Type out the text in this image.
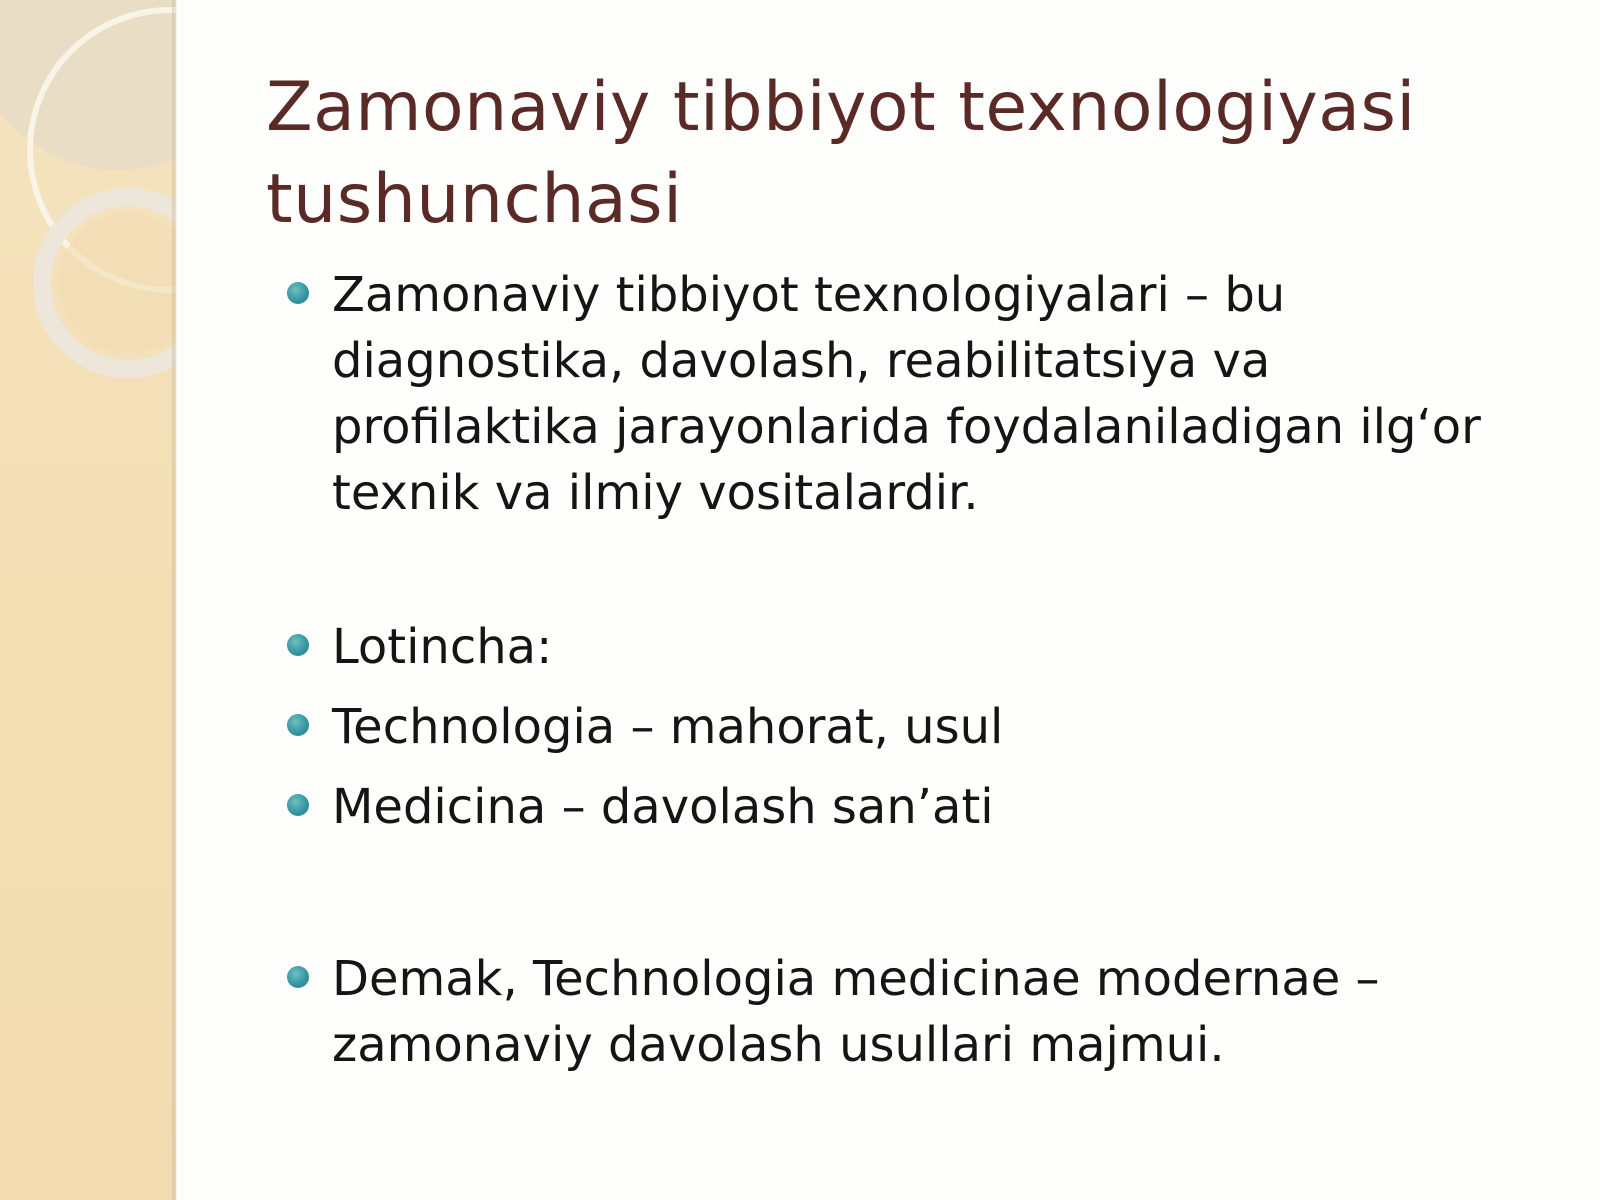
Zamonaviy tibbiyot texnologiyasi tushunchasi
Zamonaviy tibbiyot texnologiyalari – bu diagnostika, davolash, reabilitatsiya va profilaktika jarayonlarida foydalaniladigan ilg‘or texnik va ilmiy vositalardir.
Lotincha:
Technologia – mahorat, usul
Medicina – davolash san’ati
Demak, Technologia medicinae modernae – zamonaviy davolash usullari majmui.
